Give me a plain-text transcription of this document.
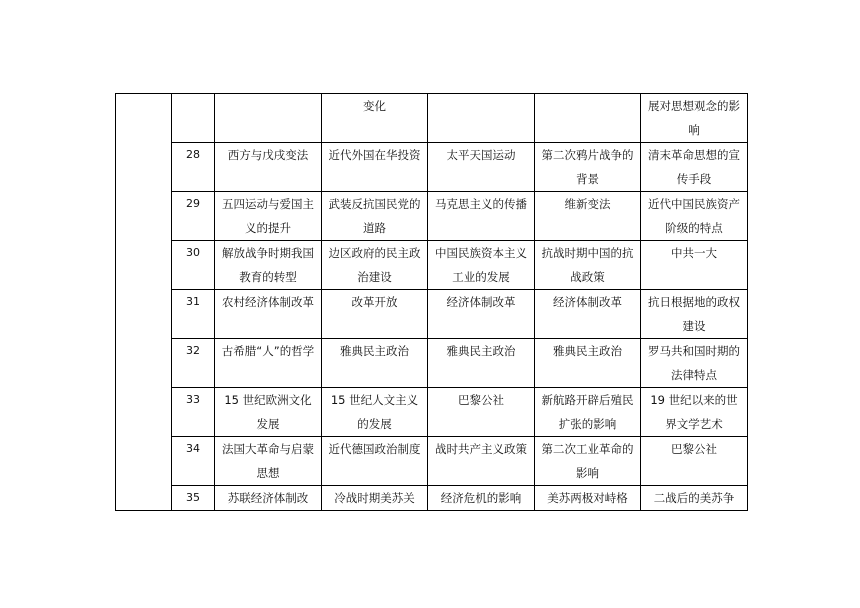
			变化			展对思想观念的影响
	28	西方与戊戌变法	近代外国在华投资	太平天国运动	第二次鸦片战争的背景	清末革命思想的宣传手段
	29	五四运动与爱国主义的提升	武装反抗国民党的道路	马克思主义的传播	维新变法	近代中国民族资产阶级的特点
	30	解放战争时期我国教育的转型	边区政府的民主政治建设	中国民族资本主义工业的发展	抗战时期中国的抗战政策	中共一大
	31	农村经济体制改革	改革开放	经济体制改革	经济体制改革	抗日根据地的政权建设
	32	古希腊“人”的哲学	雅典民主政治	雅典民主政治	雅典民主政治	罗马共和国时期的法律特点
	33	15 世纪欧洲文化发展	15 世纪人文主义的发展	巴黎公社	新航路开辟后殖民扩张的影响	19 世纪以来的世界文学艺术
	34	法国大革命与启蒙思想	近代德国政治制度	战时共产主义政策	第二次工业革命的影响	巴黎公社
	35	苏联经济体制改	冷战时期美苏关	经济危机的影响	美苏两极对峙格	二战后的美苏争
